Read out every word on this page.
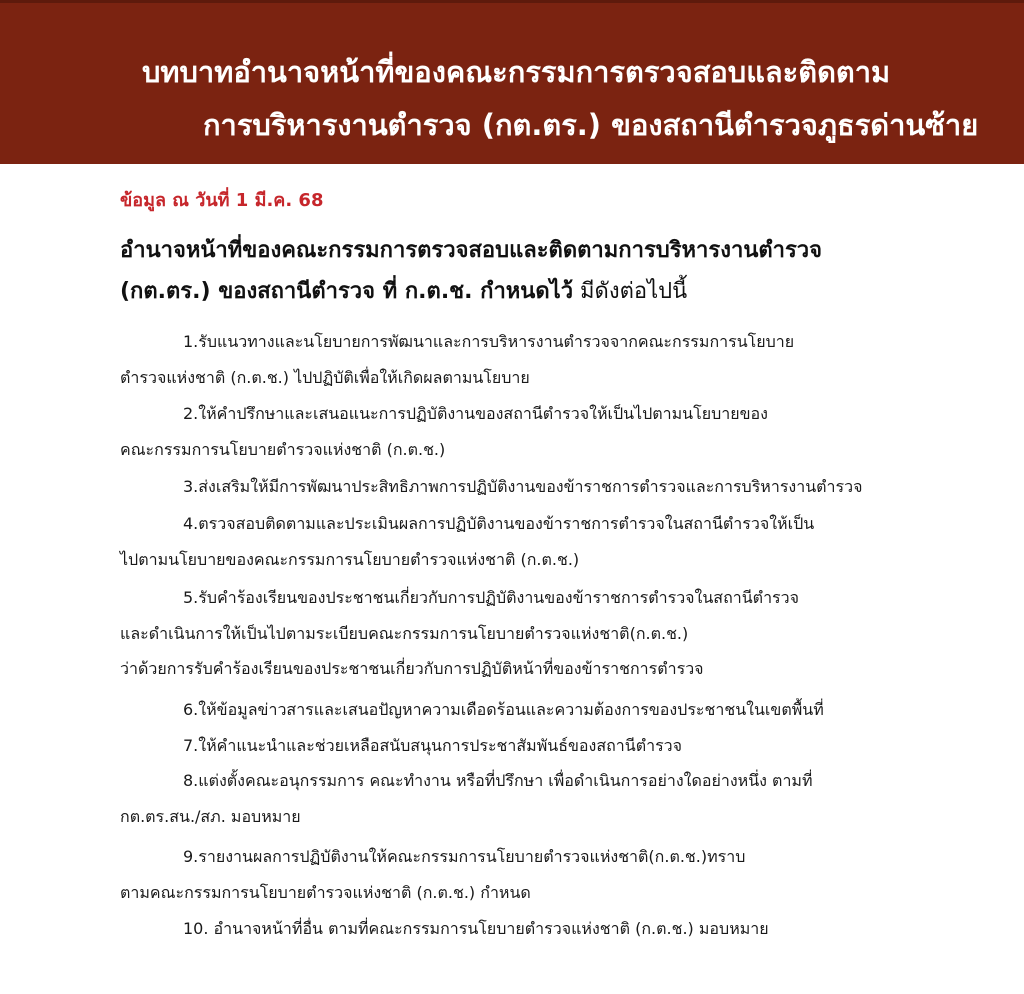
บทบาทอำนาจหน้าที่ของคณะกรรมการตรวจสอบและติดตาม
การบริหารงานตำรวจ (กต.ตร.) ของสถานีตำรวจภูธรด่านซ้าย
ข้อมูล ณ วันที่ 1 มี.ค. 68
อำนาจหน้าที่ของคณะกรรมการตรวจสอบและติดตามการบริหารงานตำรวจ
(กต.ตร.) ของสถานีตำรวจ ที่ ก.ต.ช. กำหนดไว้ มีดังต่อไปนี้
1.รับแนวทางและนโยบายการพัฒนาและการบริหารงานตำรวจจากคณะกรรมการนโยบาย
ตำรวจแห่งชาติ (ก.ต.ช.) ไปปฏิบัติเพื่อให้เกิดผลตามนโยบาย
2.ให้คำปรึกษาและเสนอแนะการปฏิบัติงานของสถานีตำรวจให้เป็นไปตามนโยบายของ
คณะกรรมการนโยบายตำรวจแห่งชาติ (ก.ต.ช.)
3.ส่งเสริมให้มีการพัฒนาประสิทธิภาพการปฏิบัติงานของข้าราชการตำรวจและการบริหารงานตำรวจ
4.ตรวจสอบติดตามและประเมินผลการปฏิบัติงานของข้าราชการตำรวจในสถานีตำรวจให้เป็น
ไปตามนโยบายของคณะกรรมการนโยบายตำรวจแห่งชาติ (ก.ต.ช.)
5.รับคำร้องเรียนของประชาชนเกี่ยวกับการปฏิบัติงานของข้าราชการตำรวจในสถานีตำรวจ
และดำเนินการให้เป็นไปตามระเบียบคณะกรรมการนโยบายตำรวจแห่งชาติ(ก.ต.ช.)
ว่าด้วยการรับคำร้องเรียนของประชาชนเกี่ยวกับการปฏิบัติหน้าที่ของข้าราชการตำรวจ
6.ให้ข้อมูลข่าวสารและเสนอปัญหาความเดือดร้อนและความต้องการของประชาชนในเขตพื้นที่
7.ให้คำแนะนำและช่วยเหลือสนับสนุนการประชาสัมพันธ์ของสถานีตำรวจ
8.แต่งตั้งคณะอนุกรรมการ คณะทำงาน หรือที่ปรึกษา เพื่อดำเนินการอย่างใดอย่างหนึ่ง ตามที่
กต.ตร.สน./สภ. มอบหมาย
9.รายงานผลการปฏิบัติงานให้คณะกรรมการนโยบายตำรวจแห่งชาติ(ก.ต.ช.)ทราบ
ตามคณะกรรมการนโยบายตำรวจแห่งชาติ (ก.ต.ช.) กำหนด
10. อำนาจหน้าที่อื่น ตามที่คณะกรรมการนโยบายตำรวจแห่งชาติ (ก.ต.ช.) มอบหมาย
